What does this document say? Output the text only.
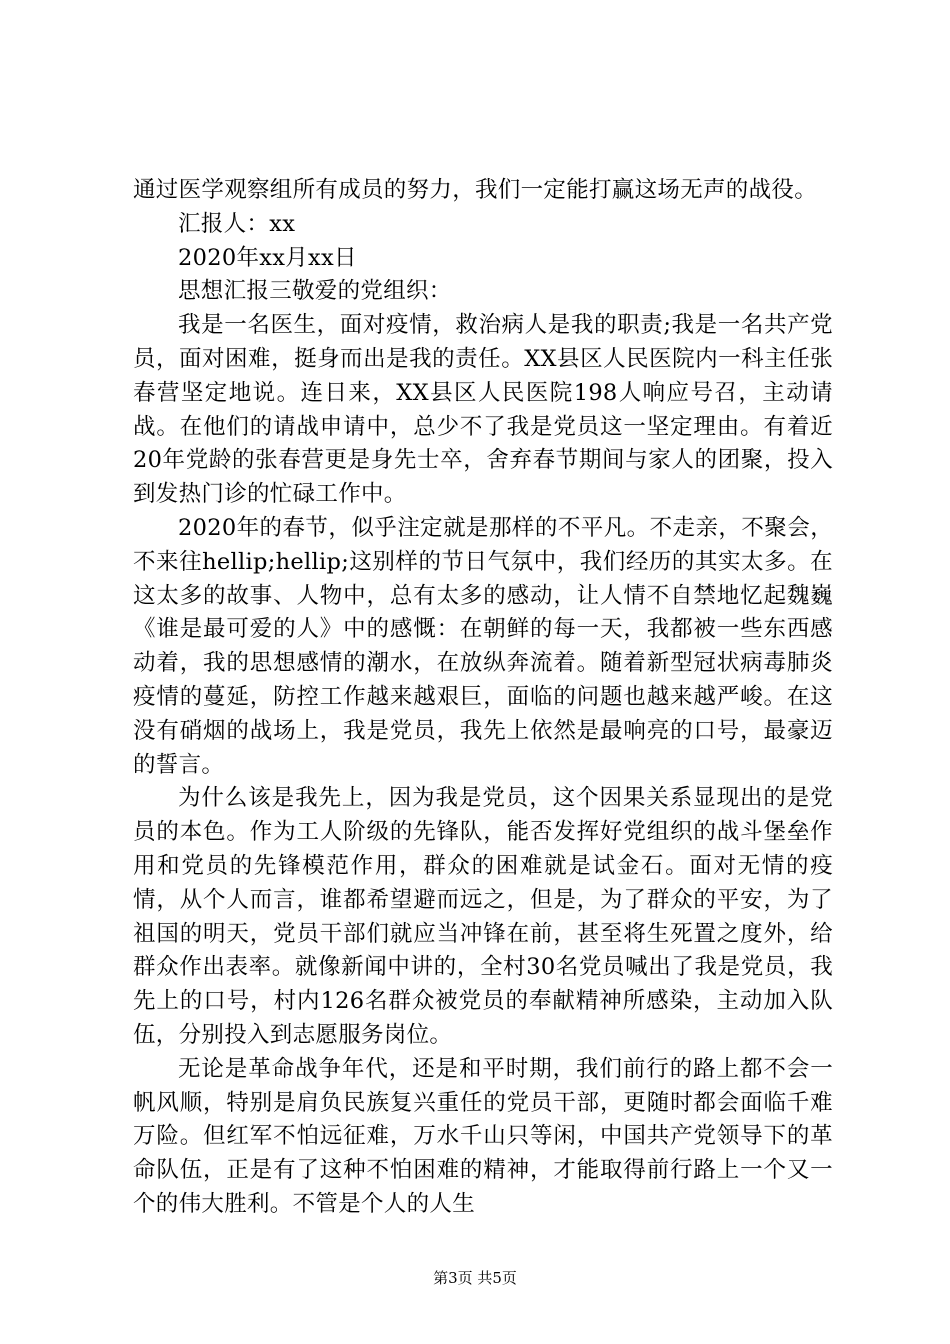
通过医学观察组所有成员的努力，我们一定能打赢这场无声的战役。

汇报人：xx

2020年xx月xx日

思想汇报三敬爱的党组织：

我是一名医生，面对疫情，救治病人是我的职责;我是一名共产党员，面对困难，挺身而出是我的责任。XX县区人民医院内一科主任张春营坚定地说。连日来，XX县区人民医院198人响应号召，主动请战。在他们的请战申请中，总少不了我是党员这一坚定理由。有着近20年党龄的张春营更是身先士卒，舍弃春节期间与家人的团聚，投入到发热门诊的忙碌工作中。

2020年的春节，似乎注定就是那样的不平凡。不走亲，不聚会，不来往hellip;hellip;这别样的节日气氛中，我们经历的其实太多。在这太多的故事、人物中，总有太多的感动，让人情不自禁地忆起魏巍《谁是最可爱的人》中的感慨：在朝鲜的每一天，我都被一些东西感动着，我的思想感情的潮水，在放纵奔流着。随着新型冠状病毒肺炎疫情的蔓延，防控工作越来越艰巨，面临的问题也越来越严峻。在这没有硝烟的战场上，我是党员，我先上依然是最响亮的口号，最豪迈的誓言。

为什么该是我先上，因为我是党员，这个因果关系显现出的是党员的本色。作为工人阶级的先锋队，能否发挥好党组织的战斗堡垒作用和党员的先锋模范作用，群众的困难就是试金石。面对无情的疫情，从个人而言，谁都希望避而远之，但是，为了群众的平安，为了祖国的明天，党员干部们就应当冲锋在前，甚至将生死置之度外，给群众作出表率。就像新闻中讲的，全村30名党员喊出了我是党员，我先上的口号，村内126名群众被党员的奉献精神所感染，主动加入队伍，分别投入到志愿服务岗位。

无论是革命战争年代，还是和平时期，我们前行的路上都不会一帆风顺，特别是肩负民族复兴重任的党员干部，更随时都会面临千难万险。但红军不怕远征难，万水千山只等闲，中国共产党领导下的革命队伍，正是有了这种不怕困难的精神，才能取得前行路上一个又一个的伟大胜利。不管是个人的人生

第3页 共5页
